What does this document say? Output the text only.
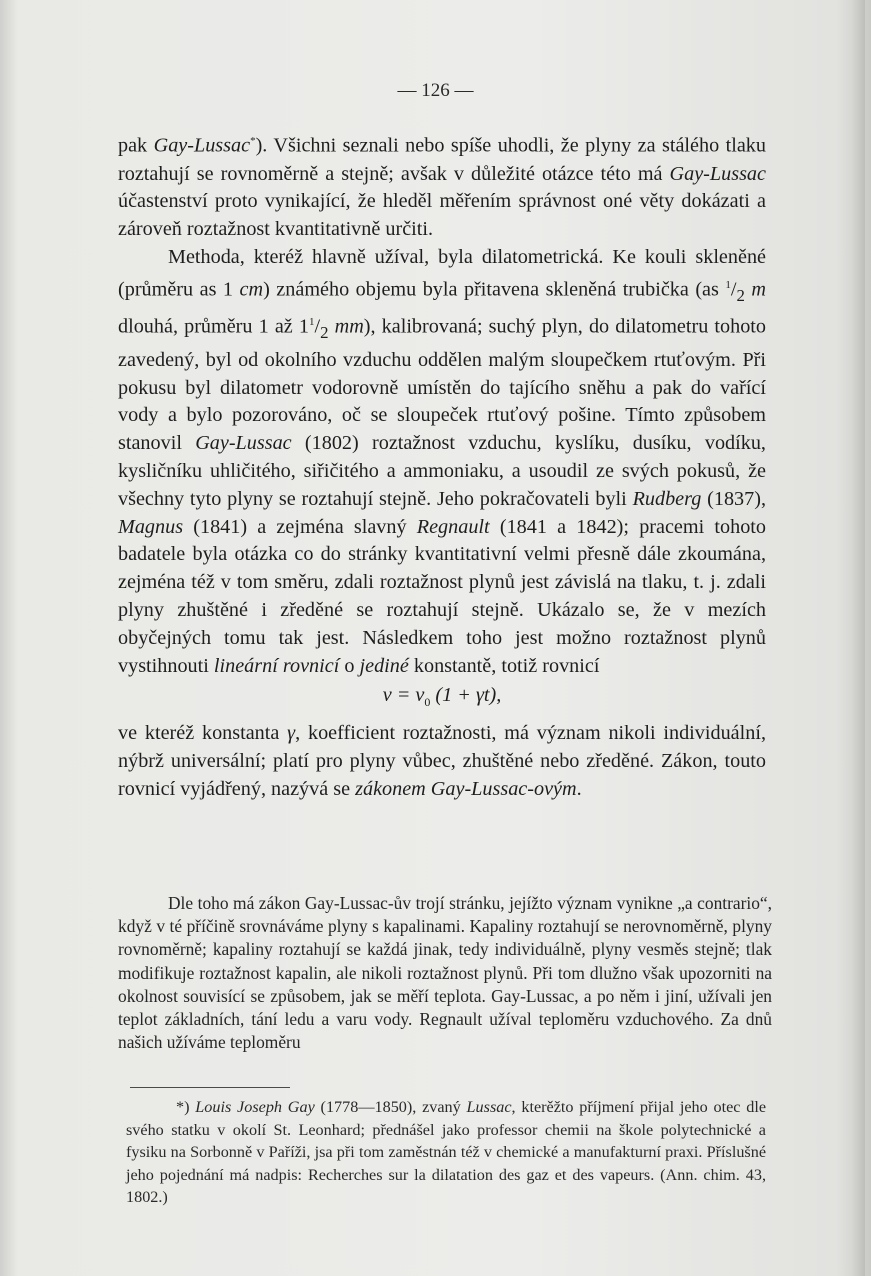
— 126 —

pak Gay-Lussac*). Všichni seznali nebo spíše uhodli, že plyny za stálého tlaku roztahují se rovnoměrně a stejně; avšak v důležité otázce této má Gay-Lussac účastenství proto vynikající, že hleděl měřením správnost oné věty dokázati a zároveň roztažnost kvantitativně určiti.

Methoda, kteréž hlavně užíval, byla dilatometrická. Ke kouli skleněné (průměru as 1 cm) známého objemu byla přitavena skleněná trubička (as $^1/_2$ m dlouhá, průměru 1 až $1^1/_2$ mm), kalibrovaná; suchý plyn, do dilatometru tohoto zavedený, byl od okolního vzduchu oddělen malým sloupečkem rtuťovým. Při pokusu byl dilatometr vodorovně umístěn do tajícího sněhu a pak do vařící vody a bylo pozorováno, oč se sloupeček rtuťový pošine. Tímto způsobem stanovil Gay-Lussac (1802) roztažnost vzduchu, kyslíku, dusíku, vodíku, kysličníku uhličitého, siřičitého a ammoniaku, a usoudil ze svých pokusů, že všechny tyto plyny se roztahují stejně. Jeho pokračovateli byli Rudberg (1837), Magnus (1841) a zejména slavný Regnault (1841 a 1842); pracemi tohoto badatele byla otázka co do stránky kvantitativní velmi přesně dále zkoumána, zejména též v tom směru, zdali roztažnost plynů jest závislá na tlaku, t. j. zdali plyny zhuštěné i zředěné se roztahují stejně. Ukázalo se, že v mezích obyčejných tomu tak jest. Následkem toho jest možno roztažnost plynů vystihnouti lineární rovnicí o jediné konstantě, totiž rovnicí

$v = v_0$ (1 + γt),

ve kteréž konstanta γ, koefficient roztažnosti, má význam nikoli individuální, nýbrž universální; platí pro plyny vůbec, zhuštěné nebo zředěné. Zákon, touto rovnicí vyjádřený, nazývá se zákonem Gay-Lussac-ovým.

Dle toho má zákon Gay-Lussac-ův trojí stránku, jejížto význam vyniknе „a contrario“, když v té příčině srovnáváme plyny s kapalinami. Kapaliny roztahují se nerovnoměrně, plyny rovnoměrně; kapaliny roztahují se každá jinak, tedy individuálně, plyny vesměs stejně; tlak modifikuje roztažnost kapalin, ale nikoli roztažnost plynů. Při tom dlužno však upozorniti na okolnost souvisící se způsobem, jak se měří teplota. Gay-Lussac, a po něm i jiní, užívali jen teplot základních, tání ledu a varu vody. Regnault užíval teploměru vzduchového. Za dnů našich užíváme teploměru

*) Louis Joseph Gay (1778—1850), zvaný Lussac, kterěžto příjmení přijal jeho otec dle svého statku v okolí St. Leonhard; přednášel jako professor chemii na škole polytechnické a fysiku na Sorbonně v Paříži, jsa při tom zaměstnán též v chemické a manufakturní praxi. Příslušné jeho pojednání má nadpis: Recherches sur la dilatation des gaz et des vapeurs. (Ann. chim. 43, 1802.)
